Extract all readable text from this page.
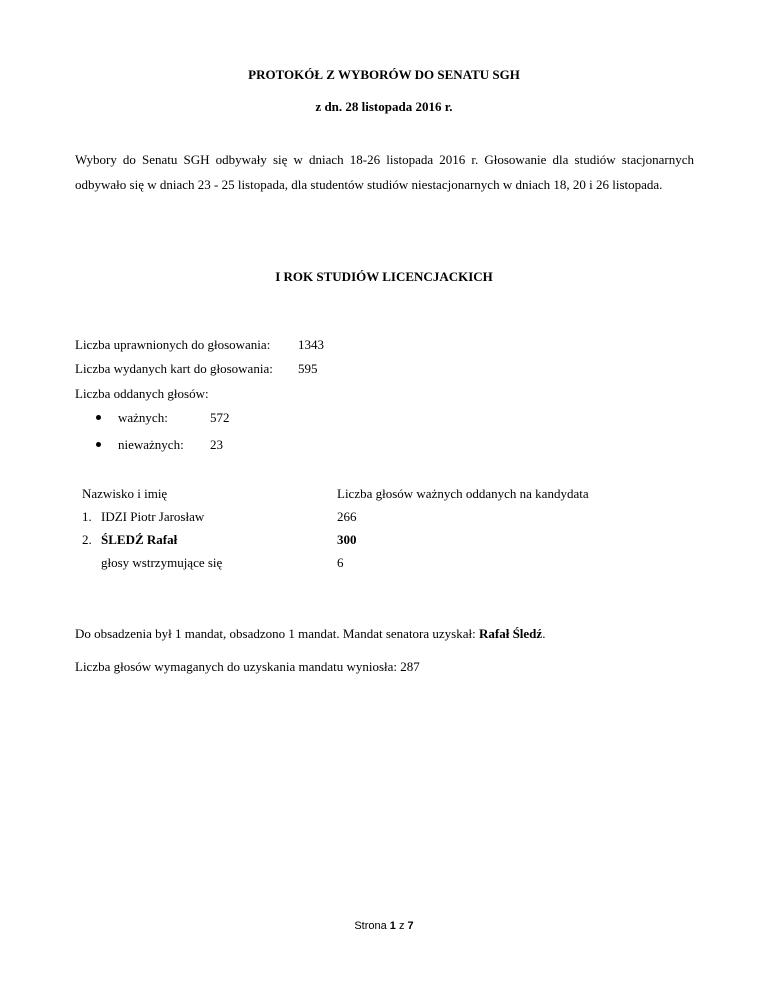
PROTOKÓŁ Z WYBORÓW DO SENATU SGH
z dn. 28 listopada 2016 r.
Wybory do Senatu SGH odbywały się w dniach 18-26 listopada 2016 r. Głosowanie dla studiów stacjonarnych odbywało się w dniach 23 - 25 listopada, dla studentów studiów niestacjonarnych w dniach 18, 20 i 26 listopada.
I ROK STUDIÓW LICENCJACKICH
Liczba uprawnionych do głosowania: 1343
Liczba wydanych kart do głosowania: 595
Liczba oddanych głosów:
ważnych:	572
nieważnych: 23
Nazwisko i imię	Liczba głosów ważnych oddanych na kandydata
1. IDZI Piotr Jarosław	266
2. ŚLEDŹ Rafał	300
głosy wstrzymujące się	6
Do obsadzenia był 1 mandat, obsadzono 1 mandat. Mandat senatora uzyskał: Rafał Śledź.
Liczba głosów wymaganych do uzyskania mandatu wyniosła: 287
Strona 1 z 7
